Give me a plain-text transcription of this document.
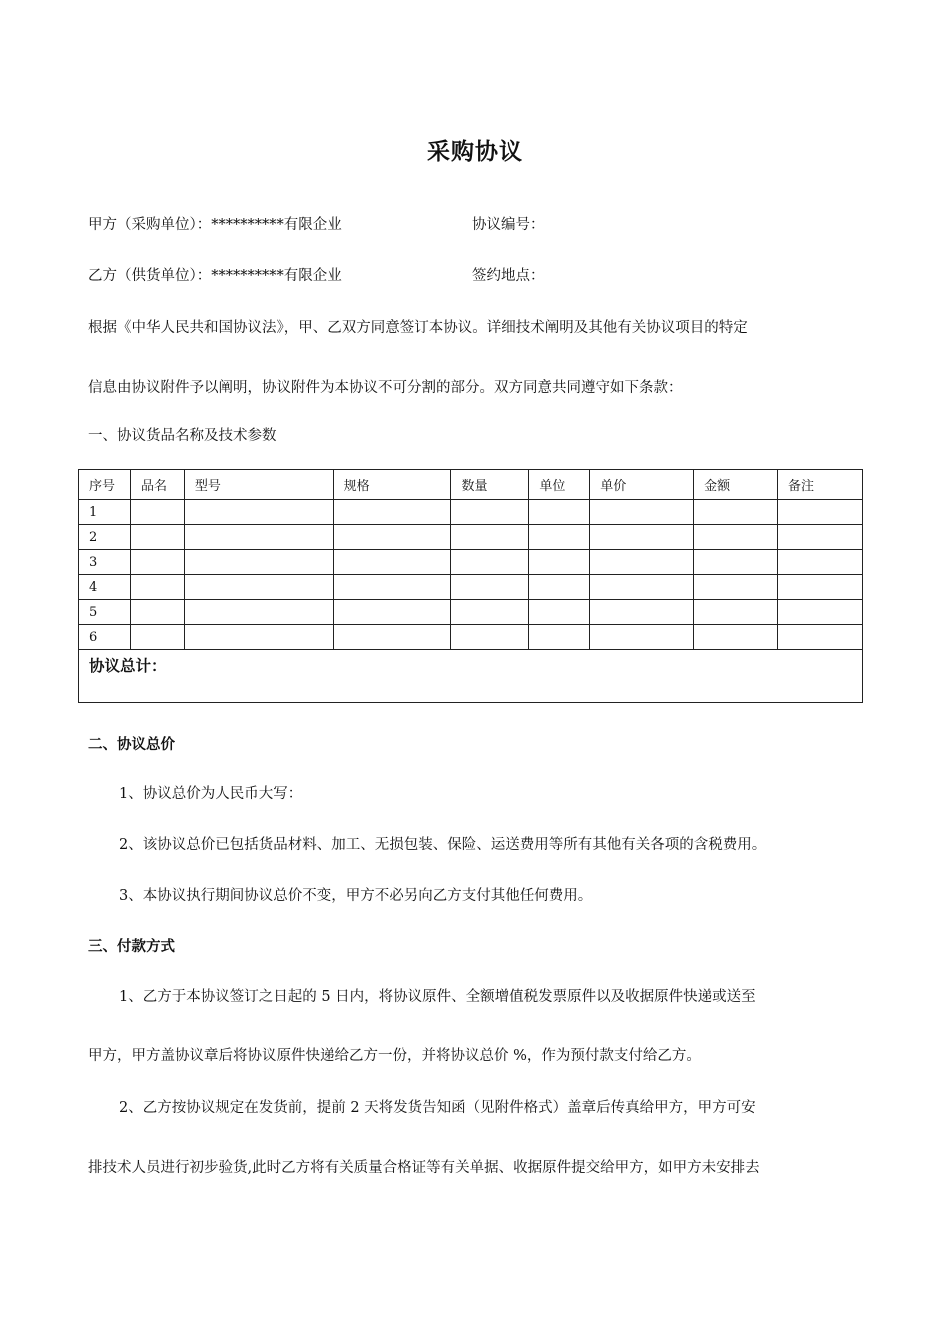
采购协议
甲方（采购单位）：**********有限企业	协议编号：
乙方（供货单位）：**********有限企业	签约地点：
根据《中华人民共和国协议法》，甲、乙双方同意签订本协议。详细技术阐明及其他有关协议项目的特定
信息由协议附件予以阐明，协议附件为本协议不可分割的部分。双方同意共同遵守如下条款：
一、协议货品名称及技术参数
序号	品名	型号	规格	数量	单位	单价	金额	备注
1								
2								
3								
4								
5								
6								
协议总计：								
二、协议总价
1、协议总价为人民币大写：
2、该协议总价已包括货品材料、加工、无损包装、保险、运送费用等所有其他有关各项的含税费用。
3、本协议执行期间协议总价不变，甲方不必另向乙方支付其他任何费用。
三、付款方式
1、乙方于本协议签订之日起的 5 日内，将协议原件、全额增值税发票原件以及收据原件快递或送至
甲方，甲方盖协议章后将协议原件快递给乙方一份，并将协议总价 %，作为预付款支付给乙方。
2、乙方按协议规定在发货前，提前 2 天将发货告知函（见附件格式）盖章后传真给甲方，甲方可安
排技术人员进行初步验货,此时乙方将有关质量合格证等有关单据、收据原件提交给甲方，如甲方未安排去
